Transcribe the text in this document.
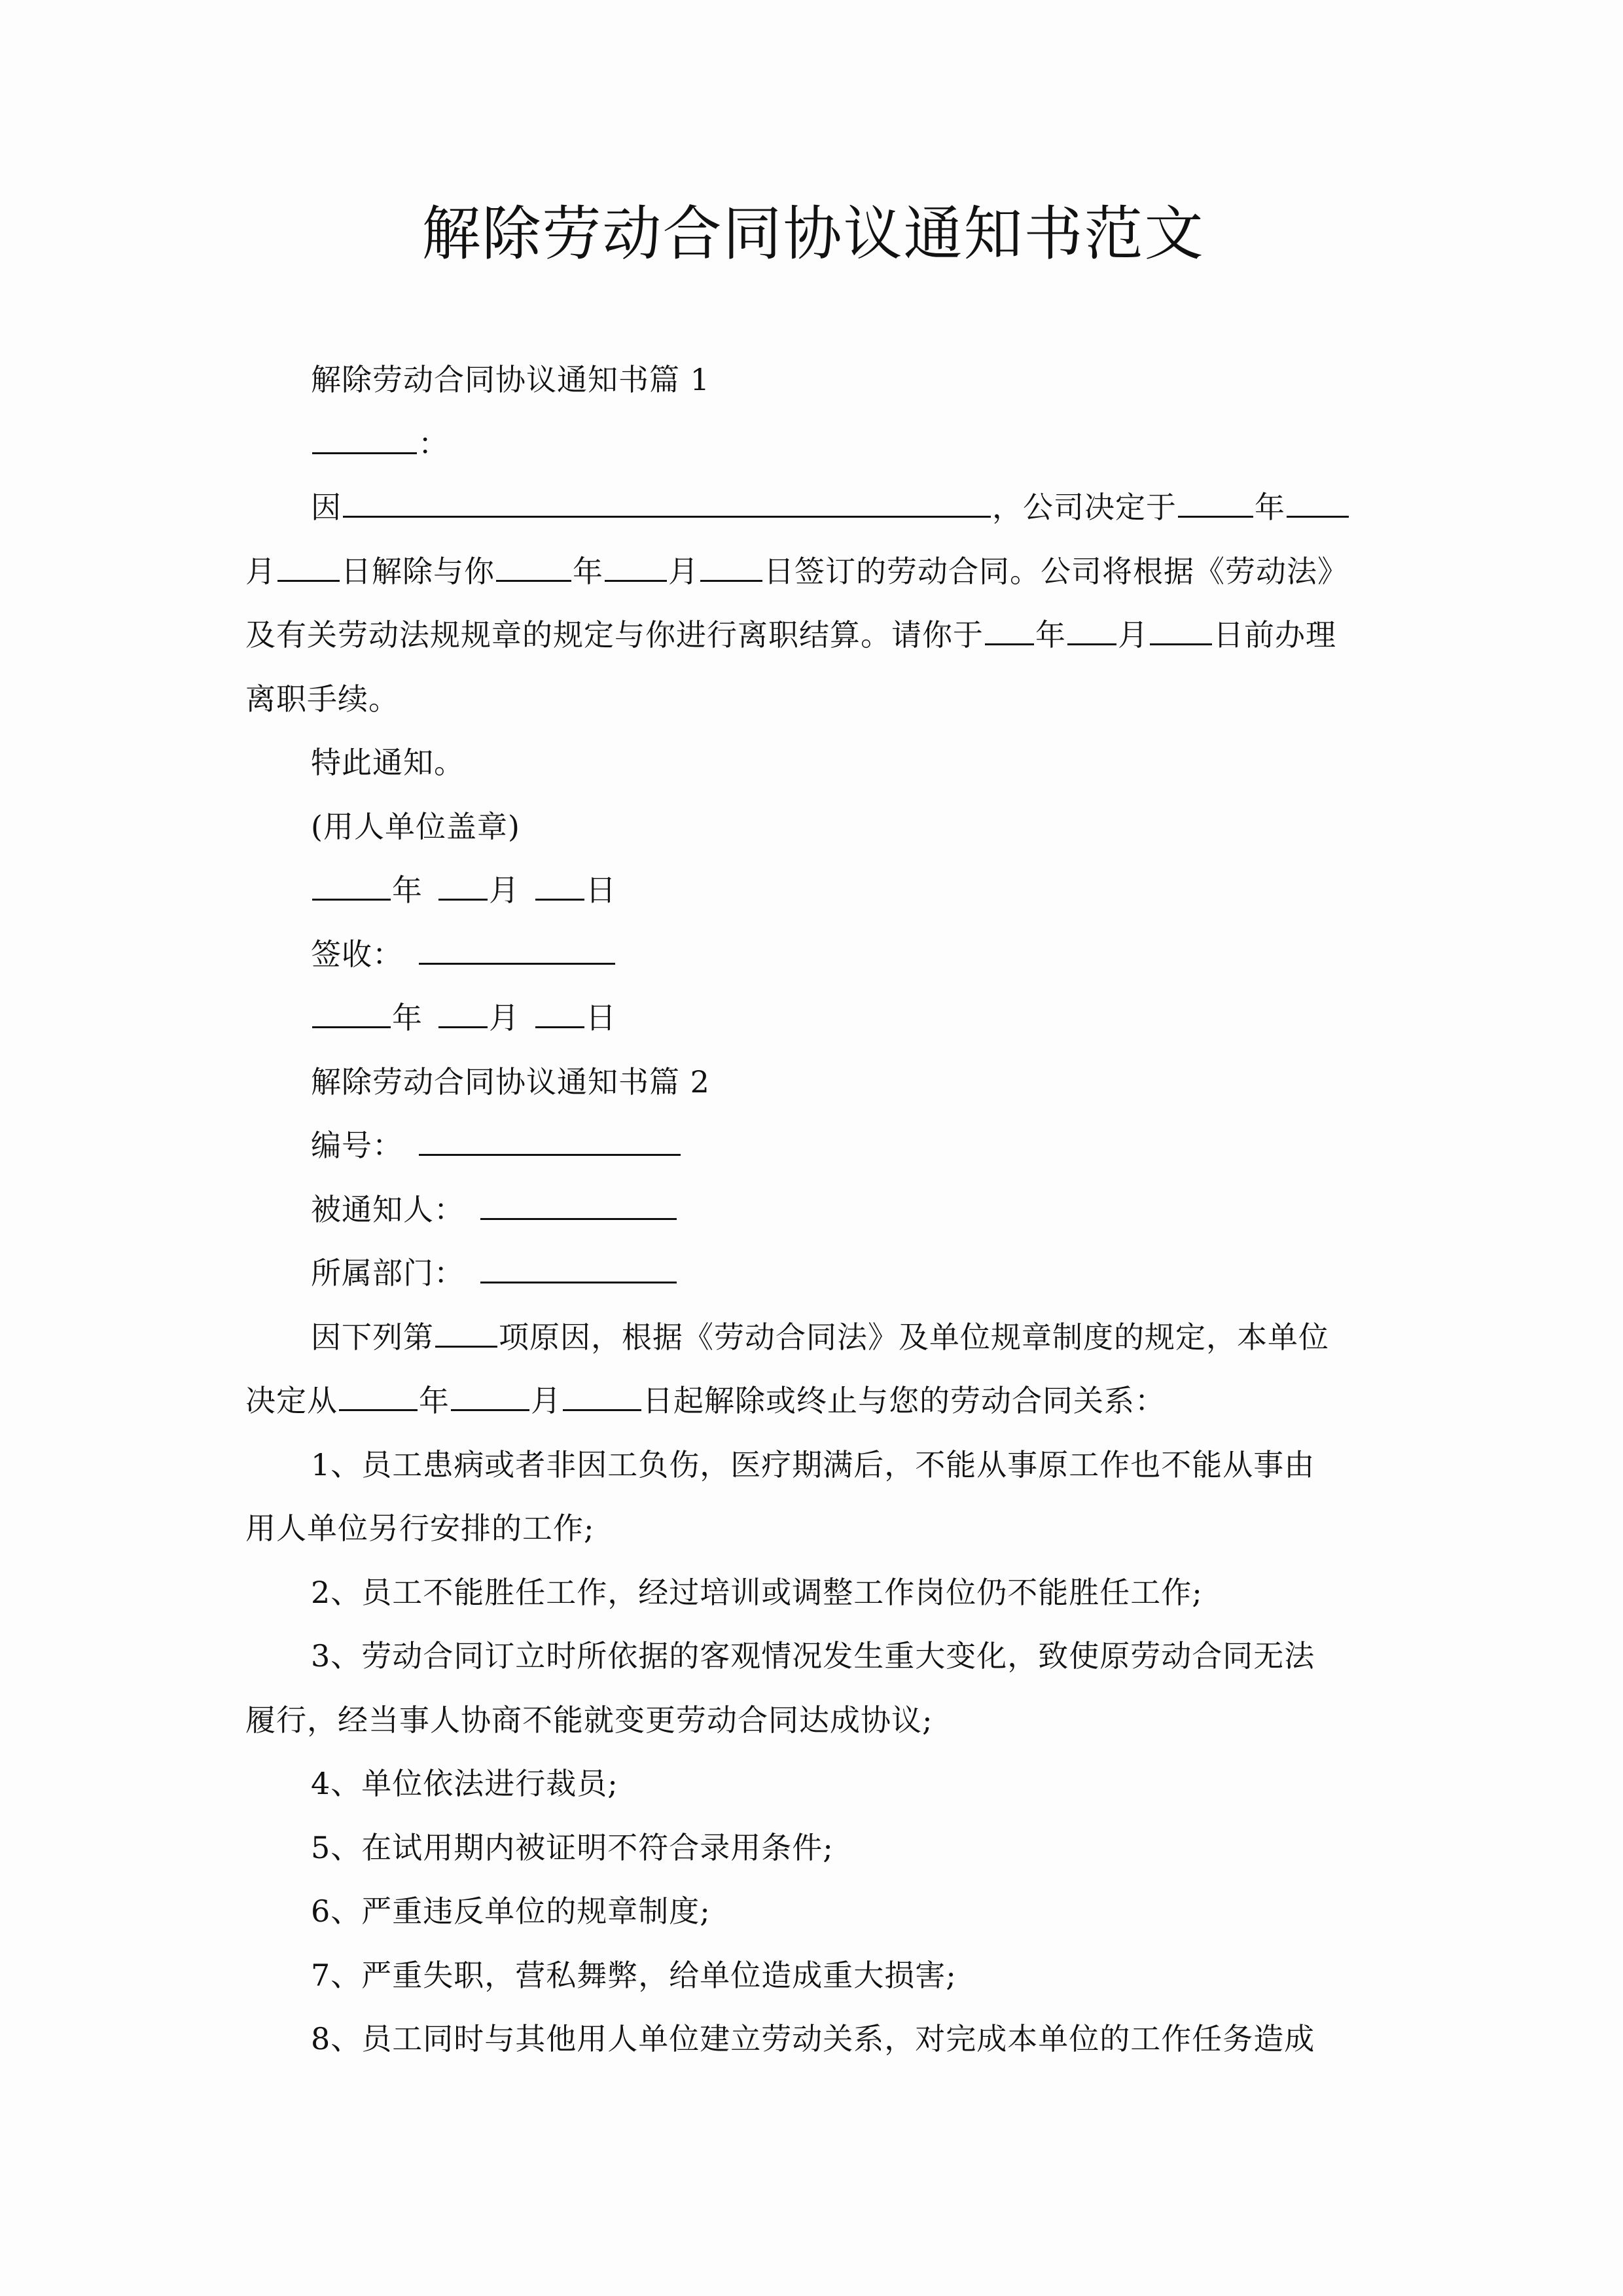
解除劳动合同协议通知书范文
解除劳动合同协议通知书篇 1
：
因	，公司决定于	年
月 日解除与你	年 月 日签订的劳动合同。公司将根据《劳动法》
及有关劳动法规规章的规定与你进行离职结算。请你于 年 月 日前办理
离职手续。
特此通知。
(用人单位盖章)
年 月 日
签收：
年 月 日
解除劳动合同协议通知书篇 2
编号：
被通知人：
所属部门：
因下列第 项原因，根据《劳动合同法》及单位规章制度的规定，本单位
决定从	年	月	日起解除或终止与您的劳动合同关系：
1、员工患病或者非因工负伤，医疗期满后，不能从事原工作也不能从事由
用人单位另行安排的工作;
2、员工不能胜任工作，经过培训或调整工作岗位仍不能胜任工作;
3、劳动合同订立时所依据的客观情况发生重大变化，致使原劳动合同无法
履行，经当事人协商不能就变更劳动合同达成协议;
4、单位依法进行裁员;
5、在试用期内被证明不符合录用条件;
6、严重违反单位的规章制度;
7、严重失职，营私舞弊，给单位造成重大损害;
8、员工同时与其他用人单位建立劳动关系，对完成本单位的工作任务造成
